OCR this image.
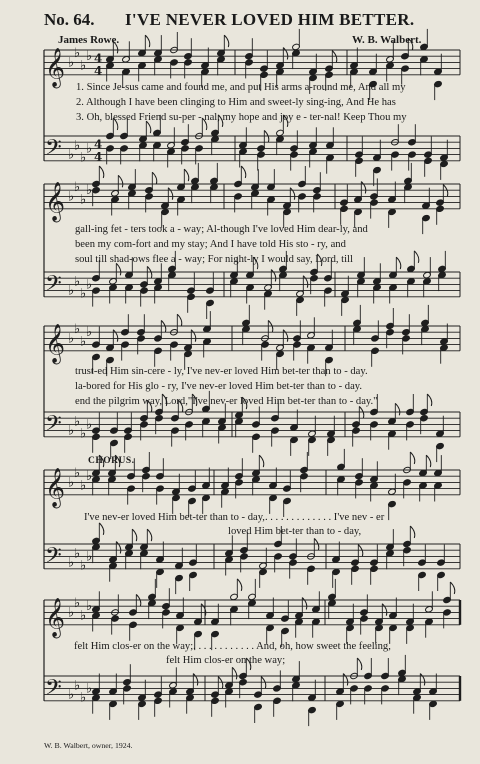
No. 64. I'VE NEVER LOVED HIM BETTER.
James Rowe.	W. B. Walbert.
𝄞 ♭
♭
♭
♭ 4
4
𝄢 ♭
♭
♭
♭ 4
4
𝄞 ♭
♭
♭
♭
𝄢 ♭
♭
♭
♭
𝄞 ♭
♭
♭
♭
𝄢 ♭
♭
♭
♭
𝄞 ♭
♭
♭
♭
𝄢 ♭
♭
♭
♭
𝄞 ♭
♭
♭
♭
𝄢 ♭
♭
♭
♭
1. Since Je-sus came and found me, and put His arms a-round me, And all my
2. Although I have been clinging to Him and sweet-ly sing-ing, And He has
3. Oh, blessed Friend su-per - nal, my hope and joy e - ter-nal! Keep Thou my
gall-ing fet - ters took a - way; Al-though I've loved Him dear-ly, and
been my com-fort and my stay; And I have told His sto - ry, and
soul till shad-ows flee a - way; For night-ly I would say, Lord, till
trust-ed Him sin-cere - ly, I've nev-er loved Him bet-ter than to - day.
la-bored for His glo - ry, I've nev-er loved Him bet-ter than to - day.
end the pilgrim way, Lord,"I've nev-er loved Him bet-ter than to - day."
CHORUS.
I've nev-er loved Him bet-ter than to - day,. . . . . . . . . . . . . I've nev - er
loved Him bet-ter than to - day,
felt Him clos-er on the way;. . . . . . . . . . . . And, oh, how sweet the feeling,
felt Him clos-er on the way;
W. B. Walbert, owner, 1924.
